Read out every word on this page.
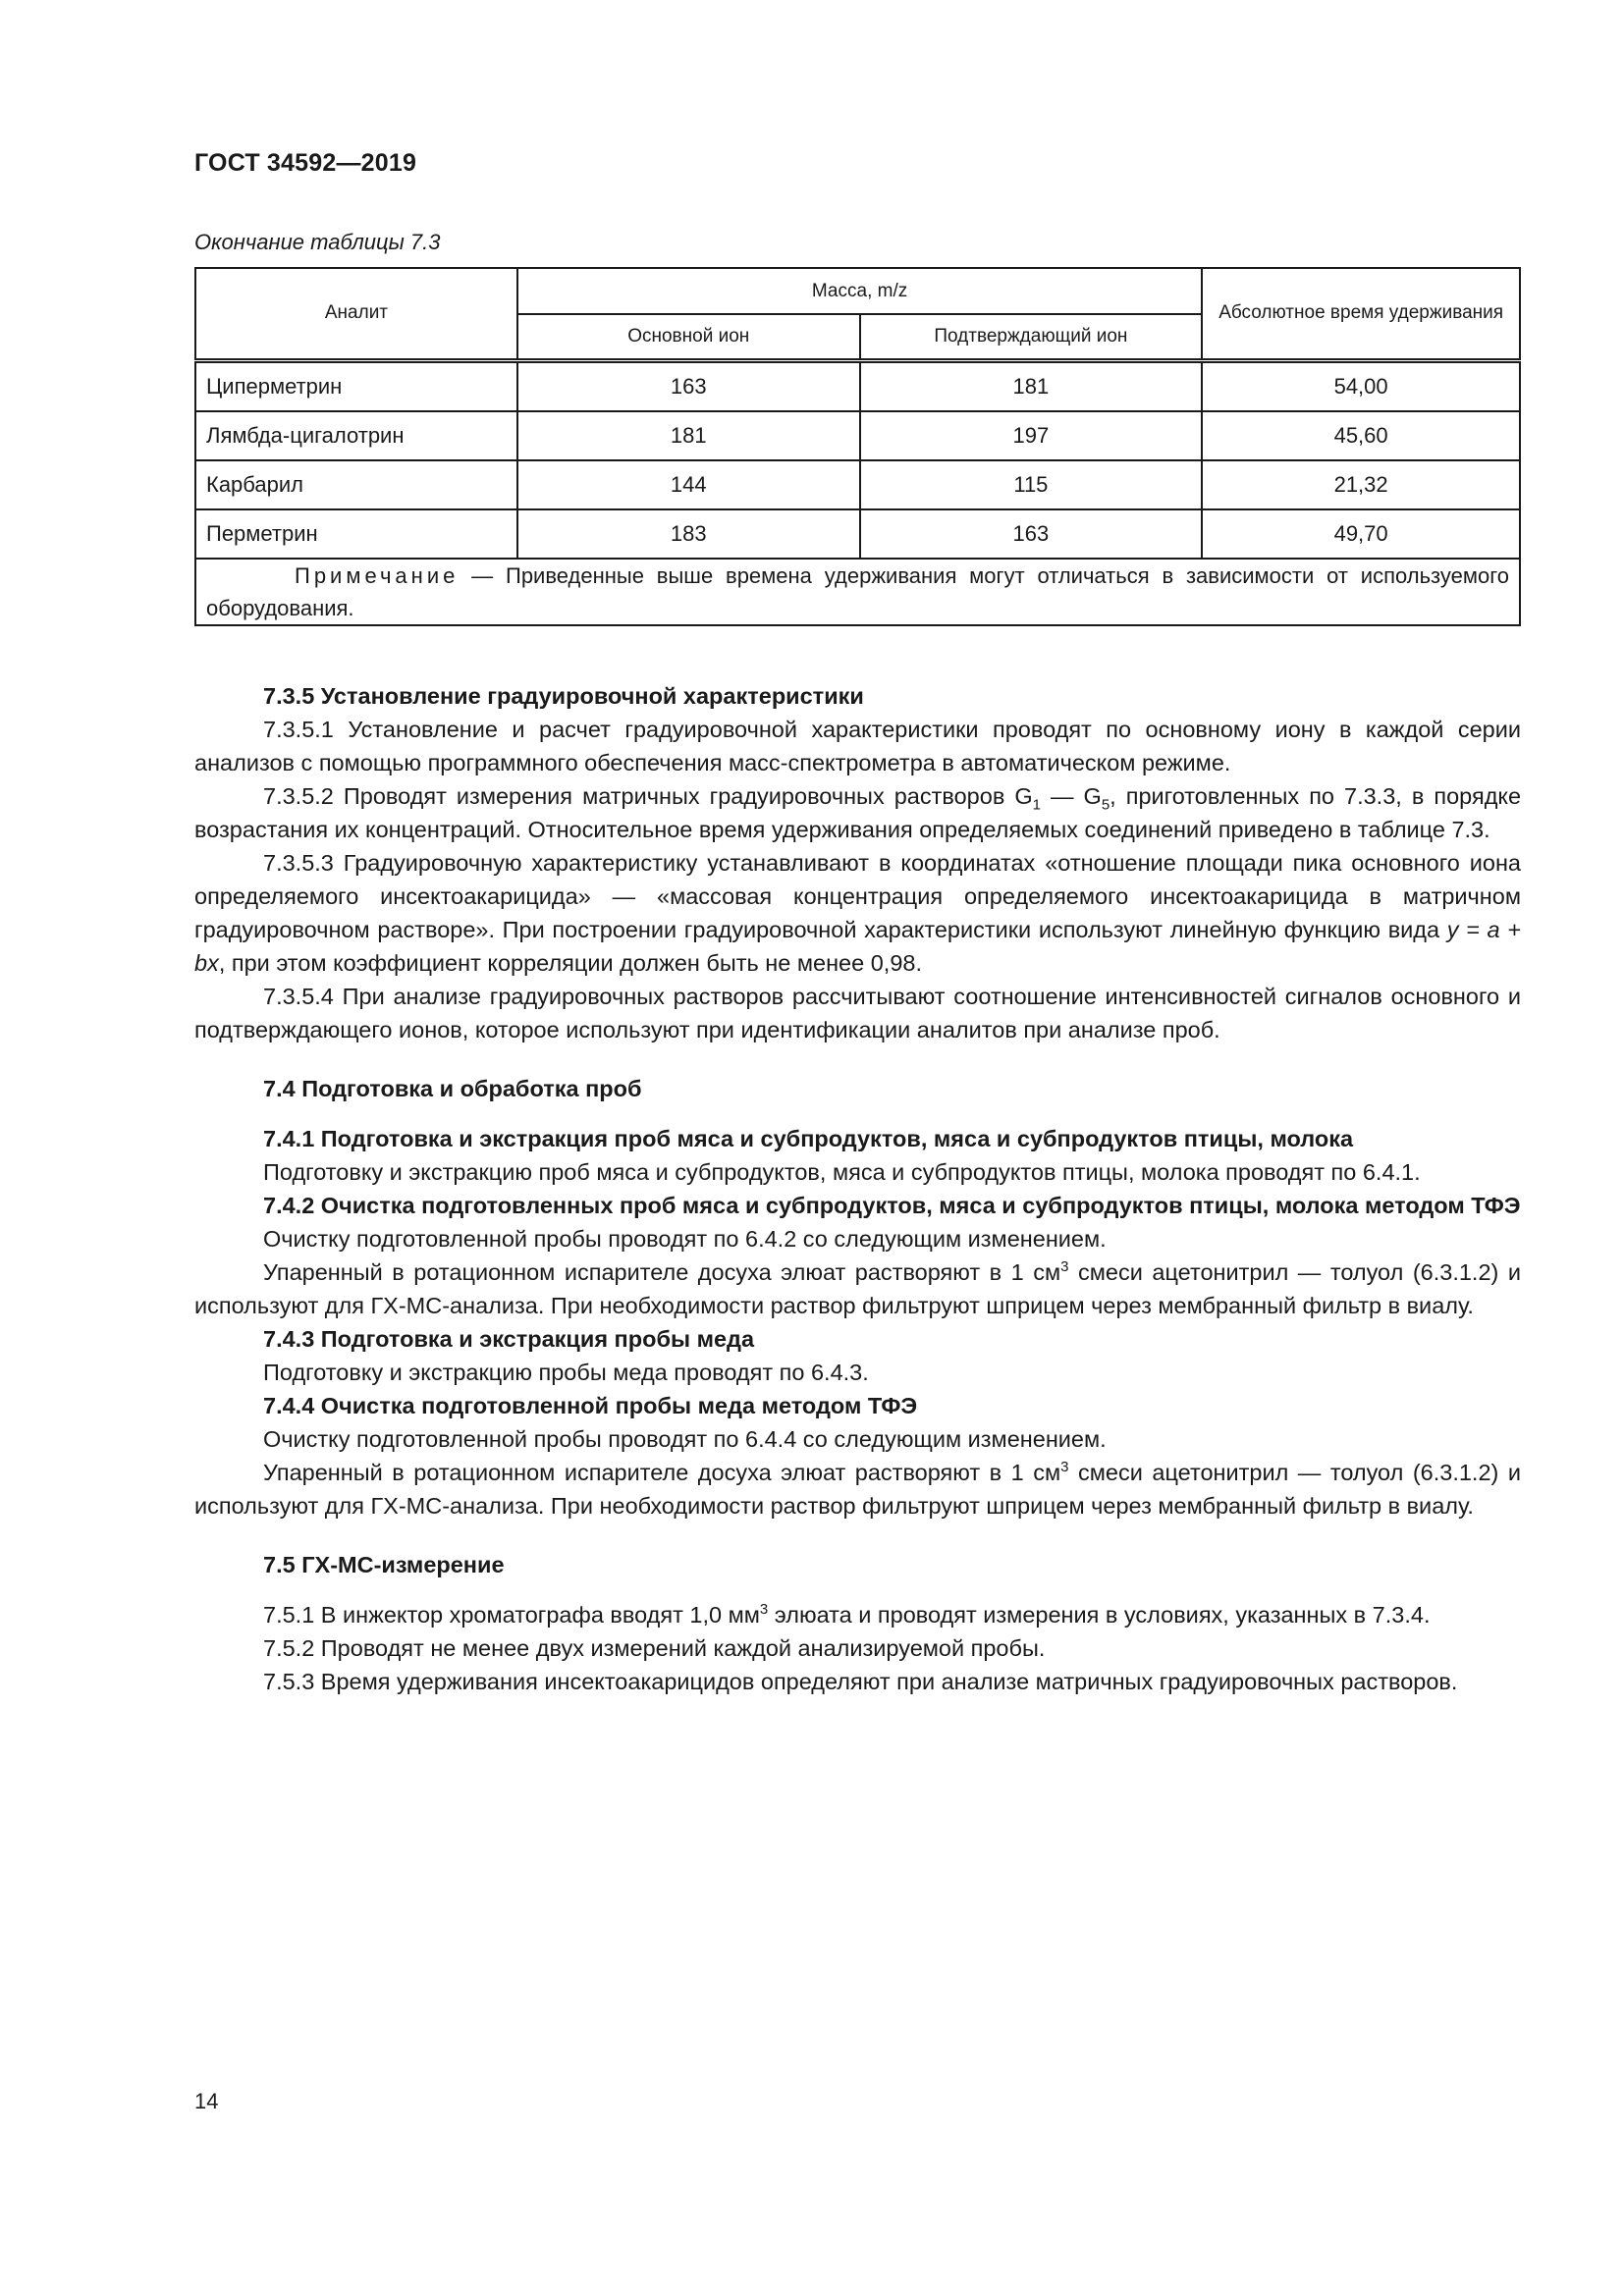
ГОСТ 34592—2019
Окончание таблицы 7.3
Аналит	Масса, m/z		Абсолютное время удерживания
	Основной ион	Подтверждающий ион	
Циперметрин	163	181	54,00
Лямбда-цигалотрин	181	197	45,60
Карбарил	144	115	21,32
Перметрин	183	163	49,70
Примечание — Приведенные выше времена удерживания могут отличаться в зависимости от используемого оборудования.			

7.3.5 Установление градуировочной характеристики

7.3.5.1 Установление и расчет градуировочной характеристики проводят по основному иону в каждой серии анализов с помощью программного обеспечения масс-спектрометра в автоматическом режиме.

7.3.5.2 Проводят измерения матричных градуировочных растворов $G_1$ — $G_5$, приготовленных по 7.3.3, в порядке возрастания их концентраций. Относительное время удерживания определяемых соединений приведено в таблице 7.3.

7.3.5.3 Градуировочную характеристику устанавливают в координатах «отношение площади пика основного иона определяемого инсектоакарицида» — «массовая концентрация определяемого инсектоакарицида в матричном градуировочном растворе». При построении градуировочной характеристики используют линейную функцию вида y = a + bx, при этом коэффициент корреляции должен быть не менее 0,98.

7.3.5.4 При анализе градуировочных растворов рассчитывают соотношение интенсивностей сигналов основного и подтверждающего ионов, которое используют при идентификации аналитов при анализе проб.

7.4 Подготовка и обработка проб

7.4.1 Подготовка и экстракция проб мяса и субпродуктов, мяса и субпродуктов птицы, молока

Подготовку и экстракцию проб мяса и субпродуктов, мяса и субпродуктов птицы, молока проводят по 6.4.1.

7.4.2 Очистка подготовленных проб мяса и субпродуктов, мяса и субпродуктов птицы, молока методом ТФЭ

Очистку подготовленной пробы проводят по 6.4.2 со следующим изменением.

Упаренный в ротационном испарителе досуха элюат растворяют в 1 $см^3$ смеси ацетонитрил — толуол (6.3.1.2) и используют для ГХ-МС-анализа. При необходимости раствор фильтруют шприцем через мембранный фильтр в виалу.

7.4.3 Подготовка и экстракция пробы меда

Подготовку и экстракцию пробы меда проводят по 6.4.3.

7.4.4 Очистка подготовленной пробы меда методом ТФЭ

Очистку подготовленной пробы проводят по 6.4.4 со следующим изменением.

Упаренный в ротационном испарителе досуха элюат растворяют в 1 $см^3$ смеси ацетонитрил — толуол (6.3.1.2) и используют для ГХ-МС-анализа. При необходимости раствор фильтруют шприцем через мембранный фильтр в виалу.

7.5 ГХ-МС-измерение

7.5.1 В инжектор хроматографа вводят 1,0 $мм^3$ элюата и проводят измерения в условиях, указанных в 7.3.4.

7.5.2 Проводят не менее двух измерений каждой анализируемой пробы.

7.5.3 Время удерживания инсектоакарицидов определяют при анализе матричных градуировочных растворов.

14
